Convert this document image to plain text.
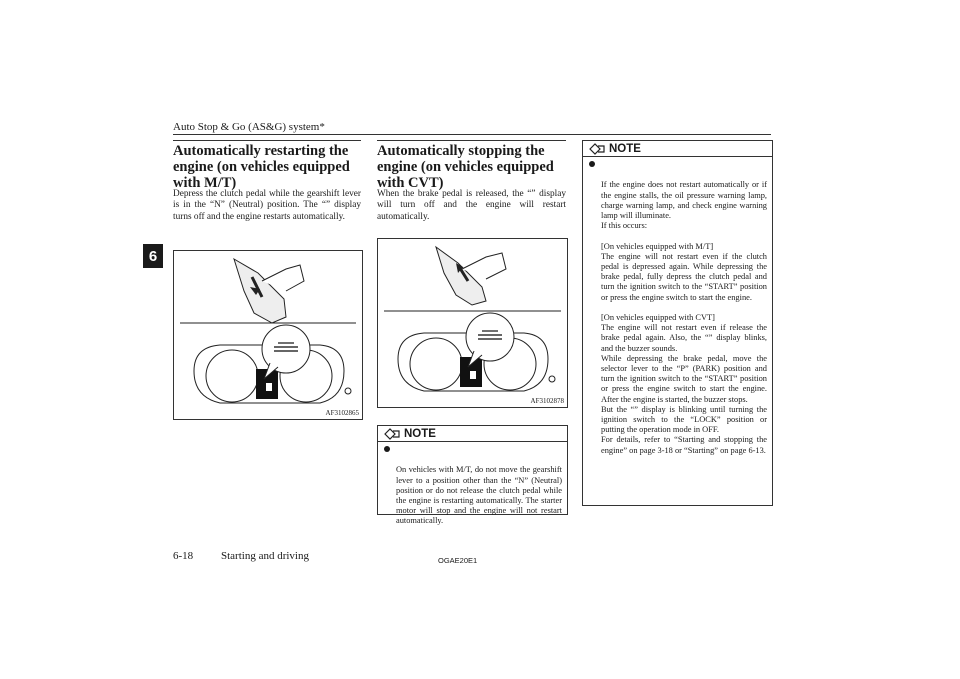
Auto Stop & Go (AS&G) system*
6
Automatically restarting the engine (on vehicles equipped with M/T)

Depress the clutch pedal while the gearshift lever is in the “N” (Neutral) position. The “” display turns off and the engine restarts automatically.

AF3102865
Automatically stopping the engine (on vehicles equipped with CVT)

When the brake pedal is released, the “” display will turn off and the engine will restart automatically.

AF3102878
NOTE

On vehicles with M/T, do not move the gearshift lever to a position other than the “N” (Neutral) position or do not release the clutch pedal while the engine is restarting automatically. The starter motor will stop and the engine will not restart automatically.

NOTE

If the engine does not restart automatically or if the engine stalls, the oil pressure warning lamp, charge warning lamp, and check engine warning lamp will illuminate.
If this occurs:

[On vehicles equipped with M/T]
The engine will not restart even if the clutch pedal is depressed again. While depressing the brake pedal, fully depress the clutch pedal and turn the ignition switch to the “START” position or press the engine switch to start the engine.

[On vehicles equipped with CVT]
The engine will not restart even if release the brake pedal again. Also, the “” display blinks, and the buzzer sounds.
While depressing the brake pedal, move the selector lever to the “P” (PARK) position and turn the ignition switch to the “START” position or press the engine switch to start the engine. After the engine is started, the buzzer stops.
But the “” display is blinking until turning the ignition switch to the “LOCK” position or putting the operation mode in OFF.
For details, refer to “Starting and stopping the engine” on page 3-18 or “Starting” on page 6-13.

6-18	Starting and driving	OGAE20E1
